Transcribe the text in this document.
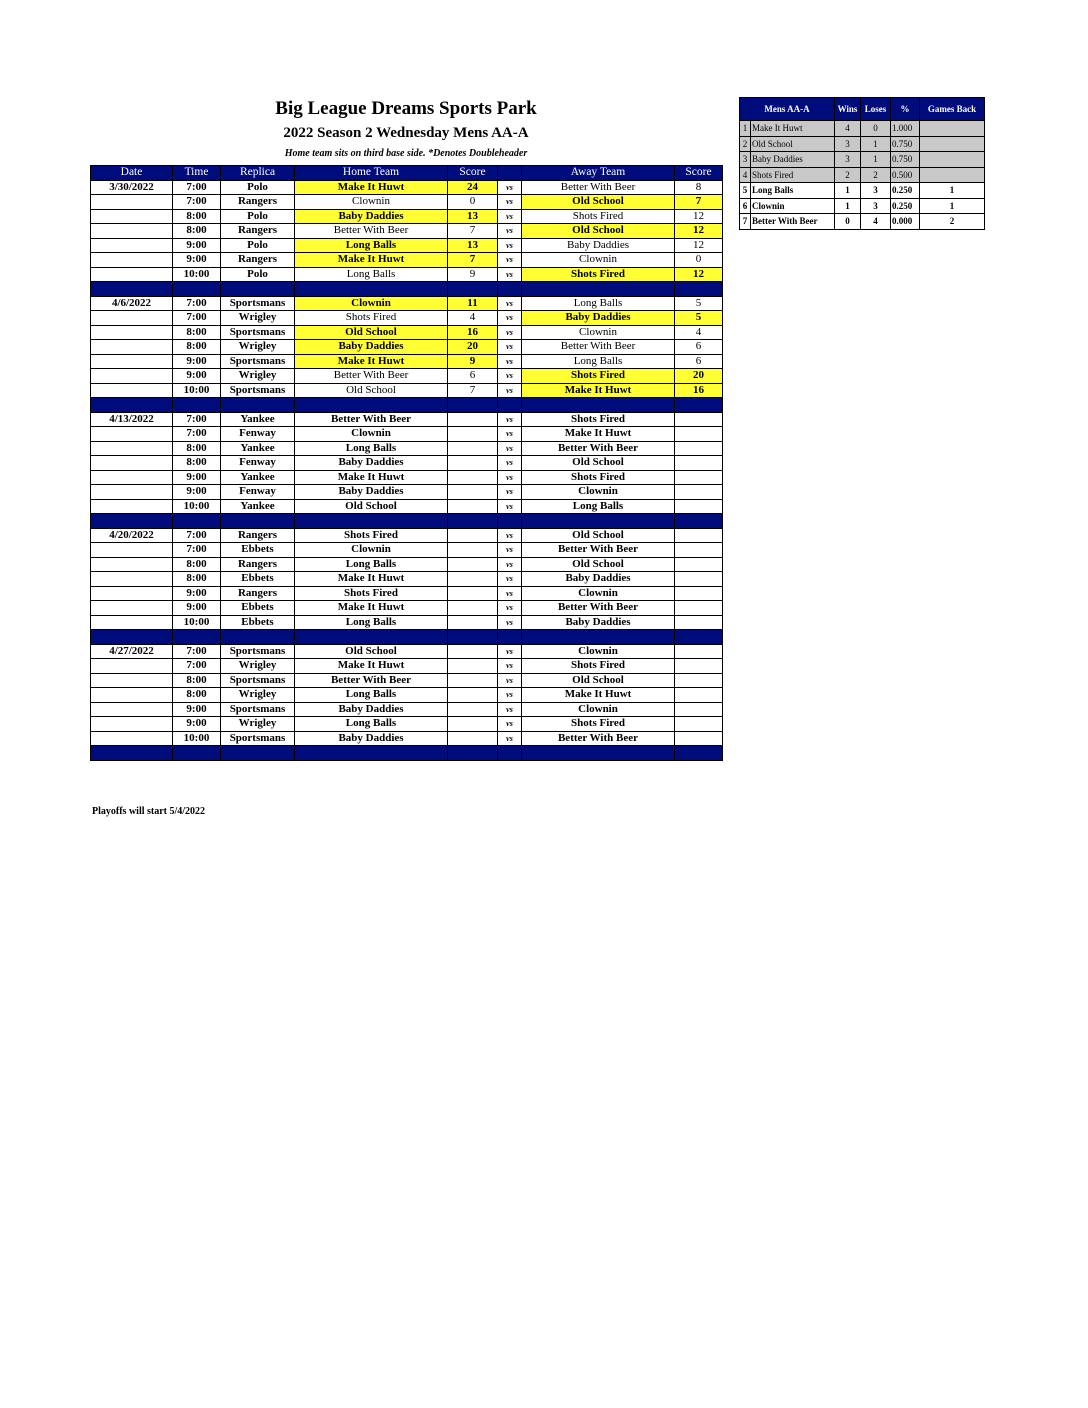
Big League Dreams Sports Park
2022 Season 2 Wednesday Mens AA-A
Home team sits on third base side. *Denotes Doubleheader
Date	Time	Replica	Home Team	Score		Away Team	Score
3/30/2022	7:00	Polo	Make It Huwt	24	vs	Better With Beer	8
	7:00	Rangers	Clownin	0	vs	Old School	7
	8:00	Polo	Baby Daddies	13	vs	Shots Fired	12
	8:00	Rangers	Better With Beer	7	vs	Old School	12
	9:00	Polo	Long Balls	13	vs	Baby Daddies	12
	9:00	Rangers	Make It Huwt	7	vs	Clownin	0
	10:00	Polo	Long Balls	9	vs	Shots Fired	12

4/6/2022	7:00	Sportsmans	Clownin	11	vs	Long Balls	5
	7:00	Wrigley	Shots Fired	4	vs	Baby Daddies	5
	8:00	Sportsmans	Old School	16	vs	Clownin	4
	8:00	Wrigley	Baby Daddies	20	vs	Better With Beer	6
	9:00	Sportsmans	Make It Huwt	9	vs	Long Balls	6
	9:00	Wrigley	Better With Beer	6	vs	Shots Fired	20
	10:00	Sportsmans	Old School	7	vs	Make It Huwt	16

4/13/2022	7:00	Yankee	Better With Beer		vs	Shots Fired	
	7:00	Fenway	Clownin		vs	Make It Huwt	
	8:00	Yankee	Long Balls		vs	Better With Beer	
	8:00	Fenway	Baby Daddies		vs	Old School	
	9:00	Yankee	Make It Huwt		vs	Shots Fired	
	9:00	Fenway	Baby Daddies		vs	Clownin	
	10:00	Yankee	Old School		vs	Long Balls	

4/20/2022	7:00	Rangers	Shots Fired		vs	Old School	
	7:00	Ebbets	Clownin		vs	Better With Beer	
	8:00	Rangers	Long Balls		vs	Old School	
	8:00	Ebbets	Make It Huwt		vs	Baby Daddies	
	9:00	Rangers	Shots Fired		vs	Clownin	
	9:00	Ebbets	Make It Huwt		vs	Better With Beer	
	10:00	Ebbets	Long Balls		vs	Baby Daddies	

4/27/2022	7:00	Sportsmans	Old School		vs	Clownin	
	7:00	Wrigley	Make It Huwt		vs	Shots Fired	
	8:00	Sportsmans	Better With Beer		vs	Old School	
	8:00	Wrigley	Long Balls		vs	Make It Huwt	
	9:00	Sportsmans	Baby Daddies		vs	Clownin	
	9:00	Wrigley	Long Balls		vs	Shots Fired	
	10:00	Sportsmans	Baby Daddies		vs	Better With Beer	

Mens AA-A		Wins	Loses	%	Games Back
1	Make It Huwt	4	0	1.000	
2	Old School	3	1	0.750	
3	Baby Daddies	3	1	0.750	
4	Shots Fired	2	2	0.500	
5	Long Balls	1	3	0.250	1
6	Clownin	1	3	0.250	1
7	Better With Beer	0	4	0.000	2
Playoffs will start 5/4/2022
